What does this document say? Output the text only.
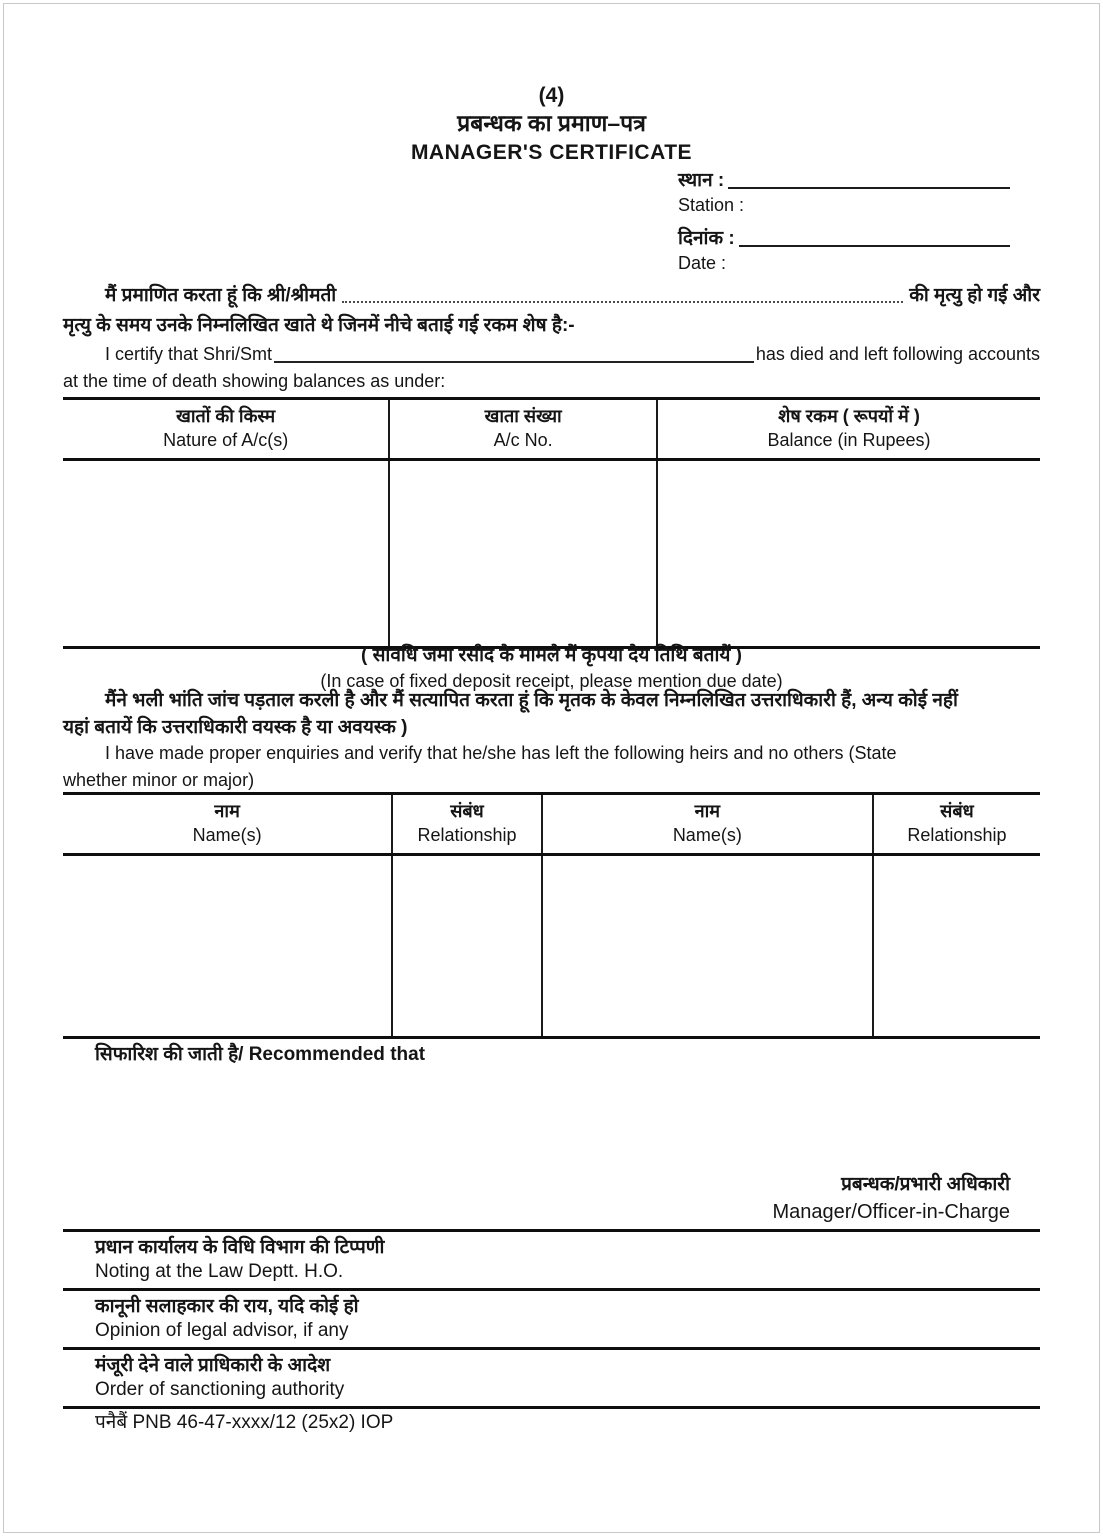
(4)
प्रबन्धक का प्रमाण–पत्र
MANAGER'S CERTIFICATE
स्थान :
Station :
दिनांक :
Date :
मैं प्रमाणित करता हूं कि श्री/श्रीमती	की मृत्यु हो गई और
मृत्यु के समय उनके निम्नलिखित खाते थे जिनमें नीचे बताई गई रकम शेष है:-
I certify that Shri/Smt	has died and left following accounts
at the time of death showing balances as under:
खातों की किस्म
Nature of A/c(s)
खाता संख्या
A/c No.
शेष रकम ( रूपयों में )
Balance (in Rupees)
( सावधि जमा रसीद के मामले में कृपया देय तिथि बतायें )
(In case of fixed deposit receipt, please mention due date)
मैंने भली भांति जांच पड़ताल करली है और मैं सत्यापित करता हूं कि मृतक के केवल निम्नलिखित उत्तराधिकारी हैं, अन्य कोई नहीं
यहां बतायें कि उत्तराधिकारी वयस्क है या अवयस्क )
I have made proper enquiries and verify that he/she has left the following heirs and no others (State
whether minor or major)
नाम
Name(s)
संबंध
Relationship
नाम
Name(s)
संबंध
Relationship
सिफारिश की जाती है/ Recommended that
प्रबन्धक/प्रभारी अधिकारी
Manager/Officer-in-Charge
प्रधान कार्यालय के विधि विभाग की टिप्पणी
Noting at the Law Deptt. H.O.
कानूनी सलाहकार की राय, यदि कोई हो
Opinion of legal advisor, if any
मंजूरी देने वाले प्राधिकारी के आदेश
Order of sanctioning authority
पनैबैं PNB 46-47-xxxx/12 (25x2) IOP
